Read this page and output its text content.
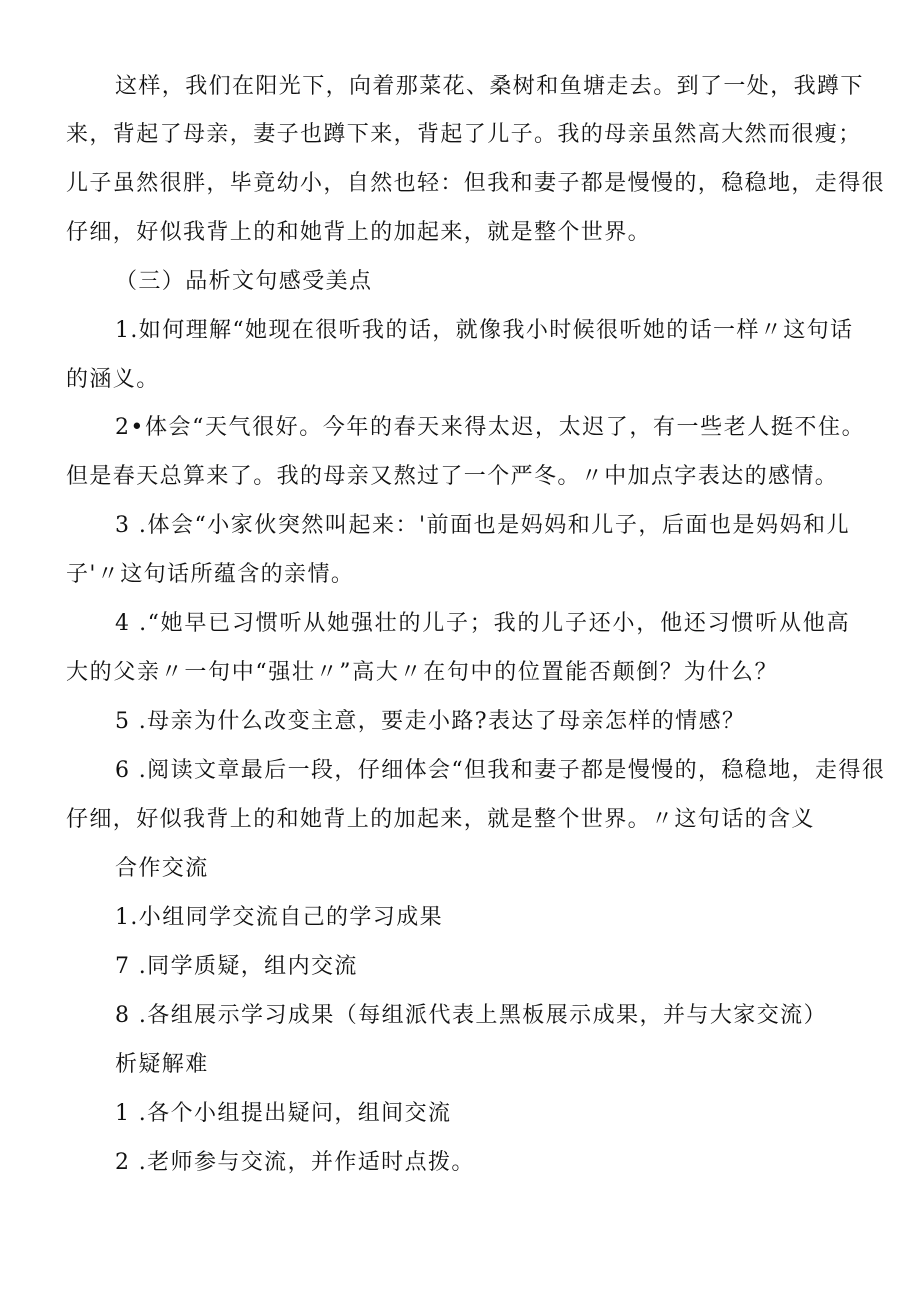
这样，我们在阳光下，向着那菜花、桑树和鱼塘走去。到了一处，我蹲下
来，背起了母亲，妻子也蹲下来，背起了儿子。我的母亲虽然高大然而很瘦；
儿子虽然很胖，毕竟幼小，自然也轻：但我和妻子都是慢慢的，稳稳地，走得很
仔细，好似我背上的和她背上的加起来，就是整个世界。
（三）品析文句感受美点
1.如何理解“她现在很听我的话，就像我小时候很听她的话一样〃这句话
的涵义。
2•体会“天气很好。今年的春天来得太迟，太迟了，有一些老人挺不住。
但是春天总算来了。我的母亲又熬过了一个严冬。〃中加点字表达的感情。
3 .体会“小家伙突然叫起来：'前面也是妈妈和儿子，后面也是妈妈和儿
子'〃这句话所蕴含的亲情。
4 .“她早已习惯听从她强壮的儿子；我的儿子还小，他还习惯听从他高
大的父亲〃一句中“强壮〃”高大〃在句中的位置能否颠倒？为什么？
5 .母亲为什么改变主意，要走小路?表达了母亲怎样的情感？
6 .阅读文章最后一段，仔细体会“但我和妻子都是慢慢的，稳稳地，走得很
仔细，好似我背上的和她背上的加起来，就是整个世界。〃这句话的含义
合作交流
1.小组同学交流自己的学习成果
7 .同学质疑，组内交流
8 .各组展示学习成果（每组派代表上黑板展示成果，并与大家交流）
析疑解难
1 .各个小组提出疑问，组间交流
2 .老师参与交流，并作适时点拨。
